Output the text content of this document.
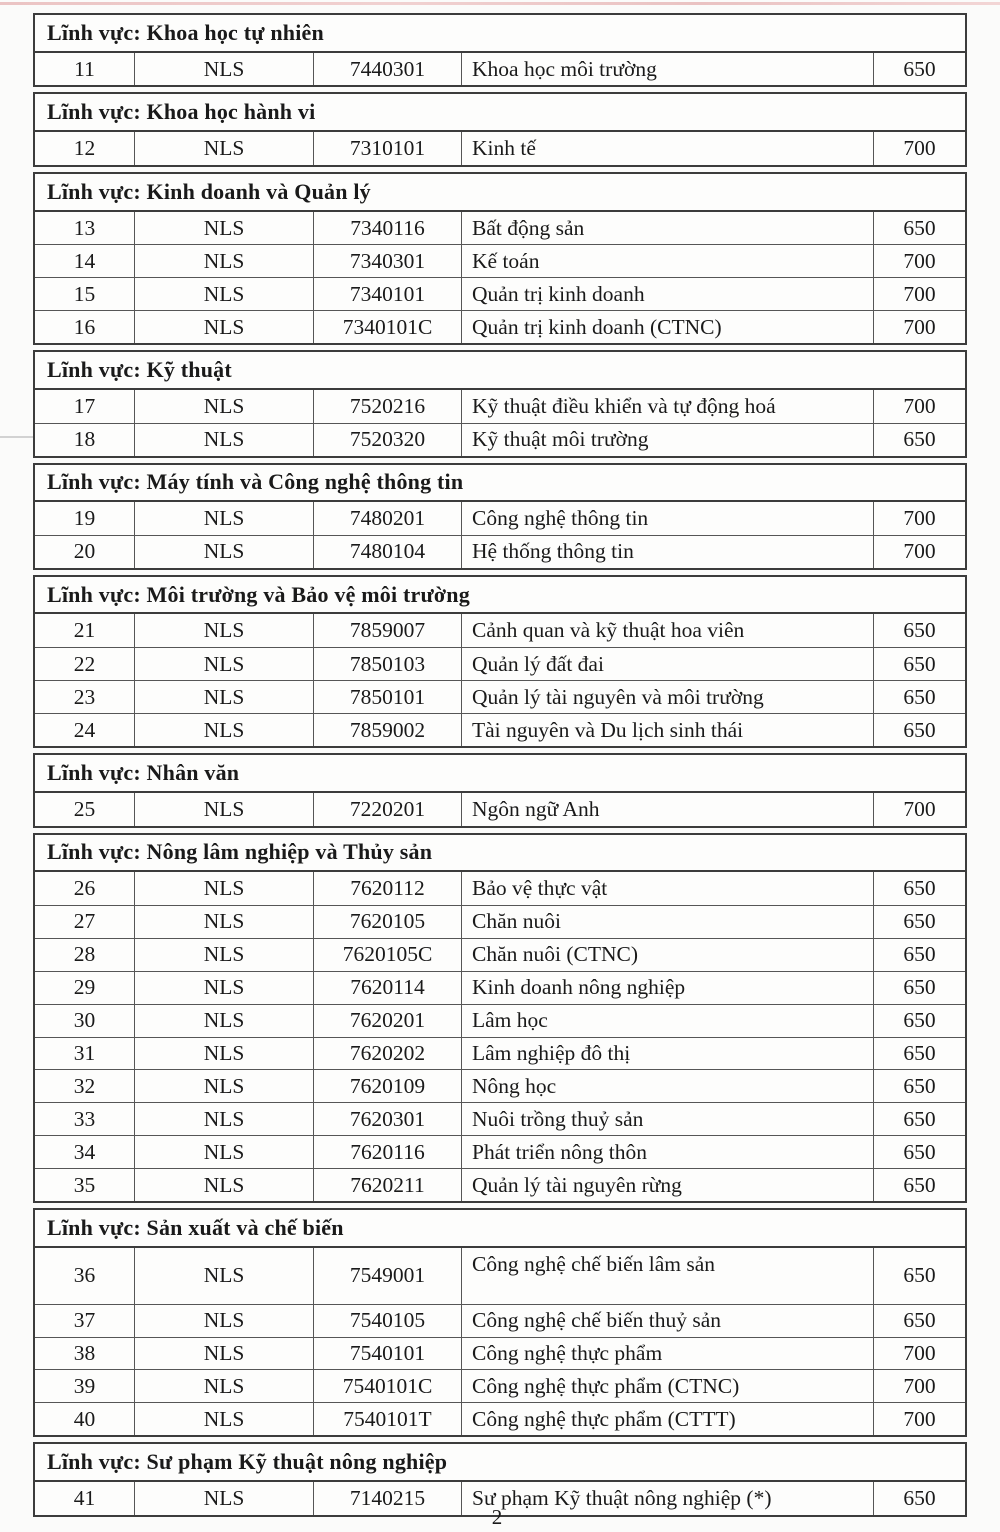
Lĩnh vực: Khoa học tự nhiên
11	NLS	7440301	Khoa học môi trường	650
Lĩnh vực: Khoa học hành vi
12	NLS	7310101	Kinh tế	700
Lĩnh vực: Kinh doanh và Quản lý
13	NLS	7340116	Bất động sản	650
14	NLS	7340301	Kế toán	700
15	NLS	7340101	Quản trị kinh doanh	700
16	NLS	7340101C	Quản trị kinh doanh (CTNC)	700
Lĩnh vực: Kỹ thuật
17	NLS	7520216	Kỹ thuật điều khiển và tự động hoá	700
18	NLS	7520320	Kỹ thuật môi trường	650
Lĩnh vực: Máy tính và Công nghệ thông tin
19	NLS	7480201	Công nghệ thông tin	700
20	NLS	7480104	Hệ thống thông tin	700
Lĩnh vực: Môi trường và Bảo vệ môi trường
21	NLS	7859007	Cảnh quan và kỹ thuật hoa viên	650
22	NLS	7850103	Quản lý đất đai	650
23	NLS	7850101	Quản lý tài nguyên và môi trường	650
24	NLS	7859002	Tài nguyên và Du lịch sinh thái	650
Lĩnh vực: Nhân văn
25	NLS	7220201	Ngôn ngữ Anh	700
Lĩnh vực: Nông lâm nghiệp và Thủy sản
26	NLS	7620112	Bảo vệ thực vật	650
27	NLS	7620105	Chăn nuôi	650
28	NLS	7620105C	Chăn nuôi (CTNC)	650
29	NLS	7620114	Kinh doanh nông nghiệp	650
30	NLS	7620201	Lâm học	650
31	NLS	7620202	Lâm nghiệp đô thị	650
32	NLS	7620109	Nông học	650
33	NLS	7620301	Nuôi trồng thuỷ sản	650
34	NLS	7620116	Phát triển nông thôn	650
35	NLS	7620211	Quản lý tài nguyên rừng	650
Lĩnh vực: Sản xuất và chế biến
36	NLS	7549001	Công nghệ chế biến lâm sản	650
37	NLS	7540105	Công nghệ chế biến thuỷ sản	650
38	NLS	7540101	Công nghệ thực phẩm	700
39	NLS	7540101C	Công nghệ thực phẩm (CTNC)	700
40	NLS	7540101T	Công nghệ thực phẩm (CTTT)	700
Lĩnh vực: Sư phạm Kỹ thuật nông nghiệp
41	NLS	7140215	Sư phạm Kỹ thuật nông nghiệp (*)	650
2
